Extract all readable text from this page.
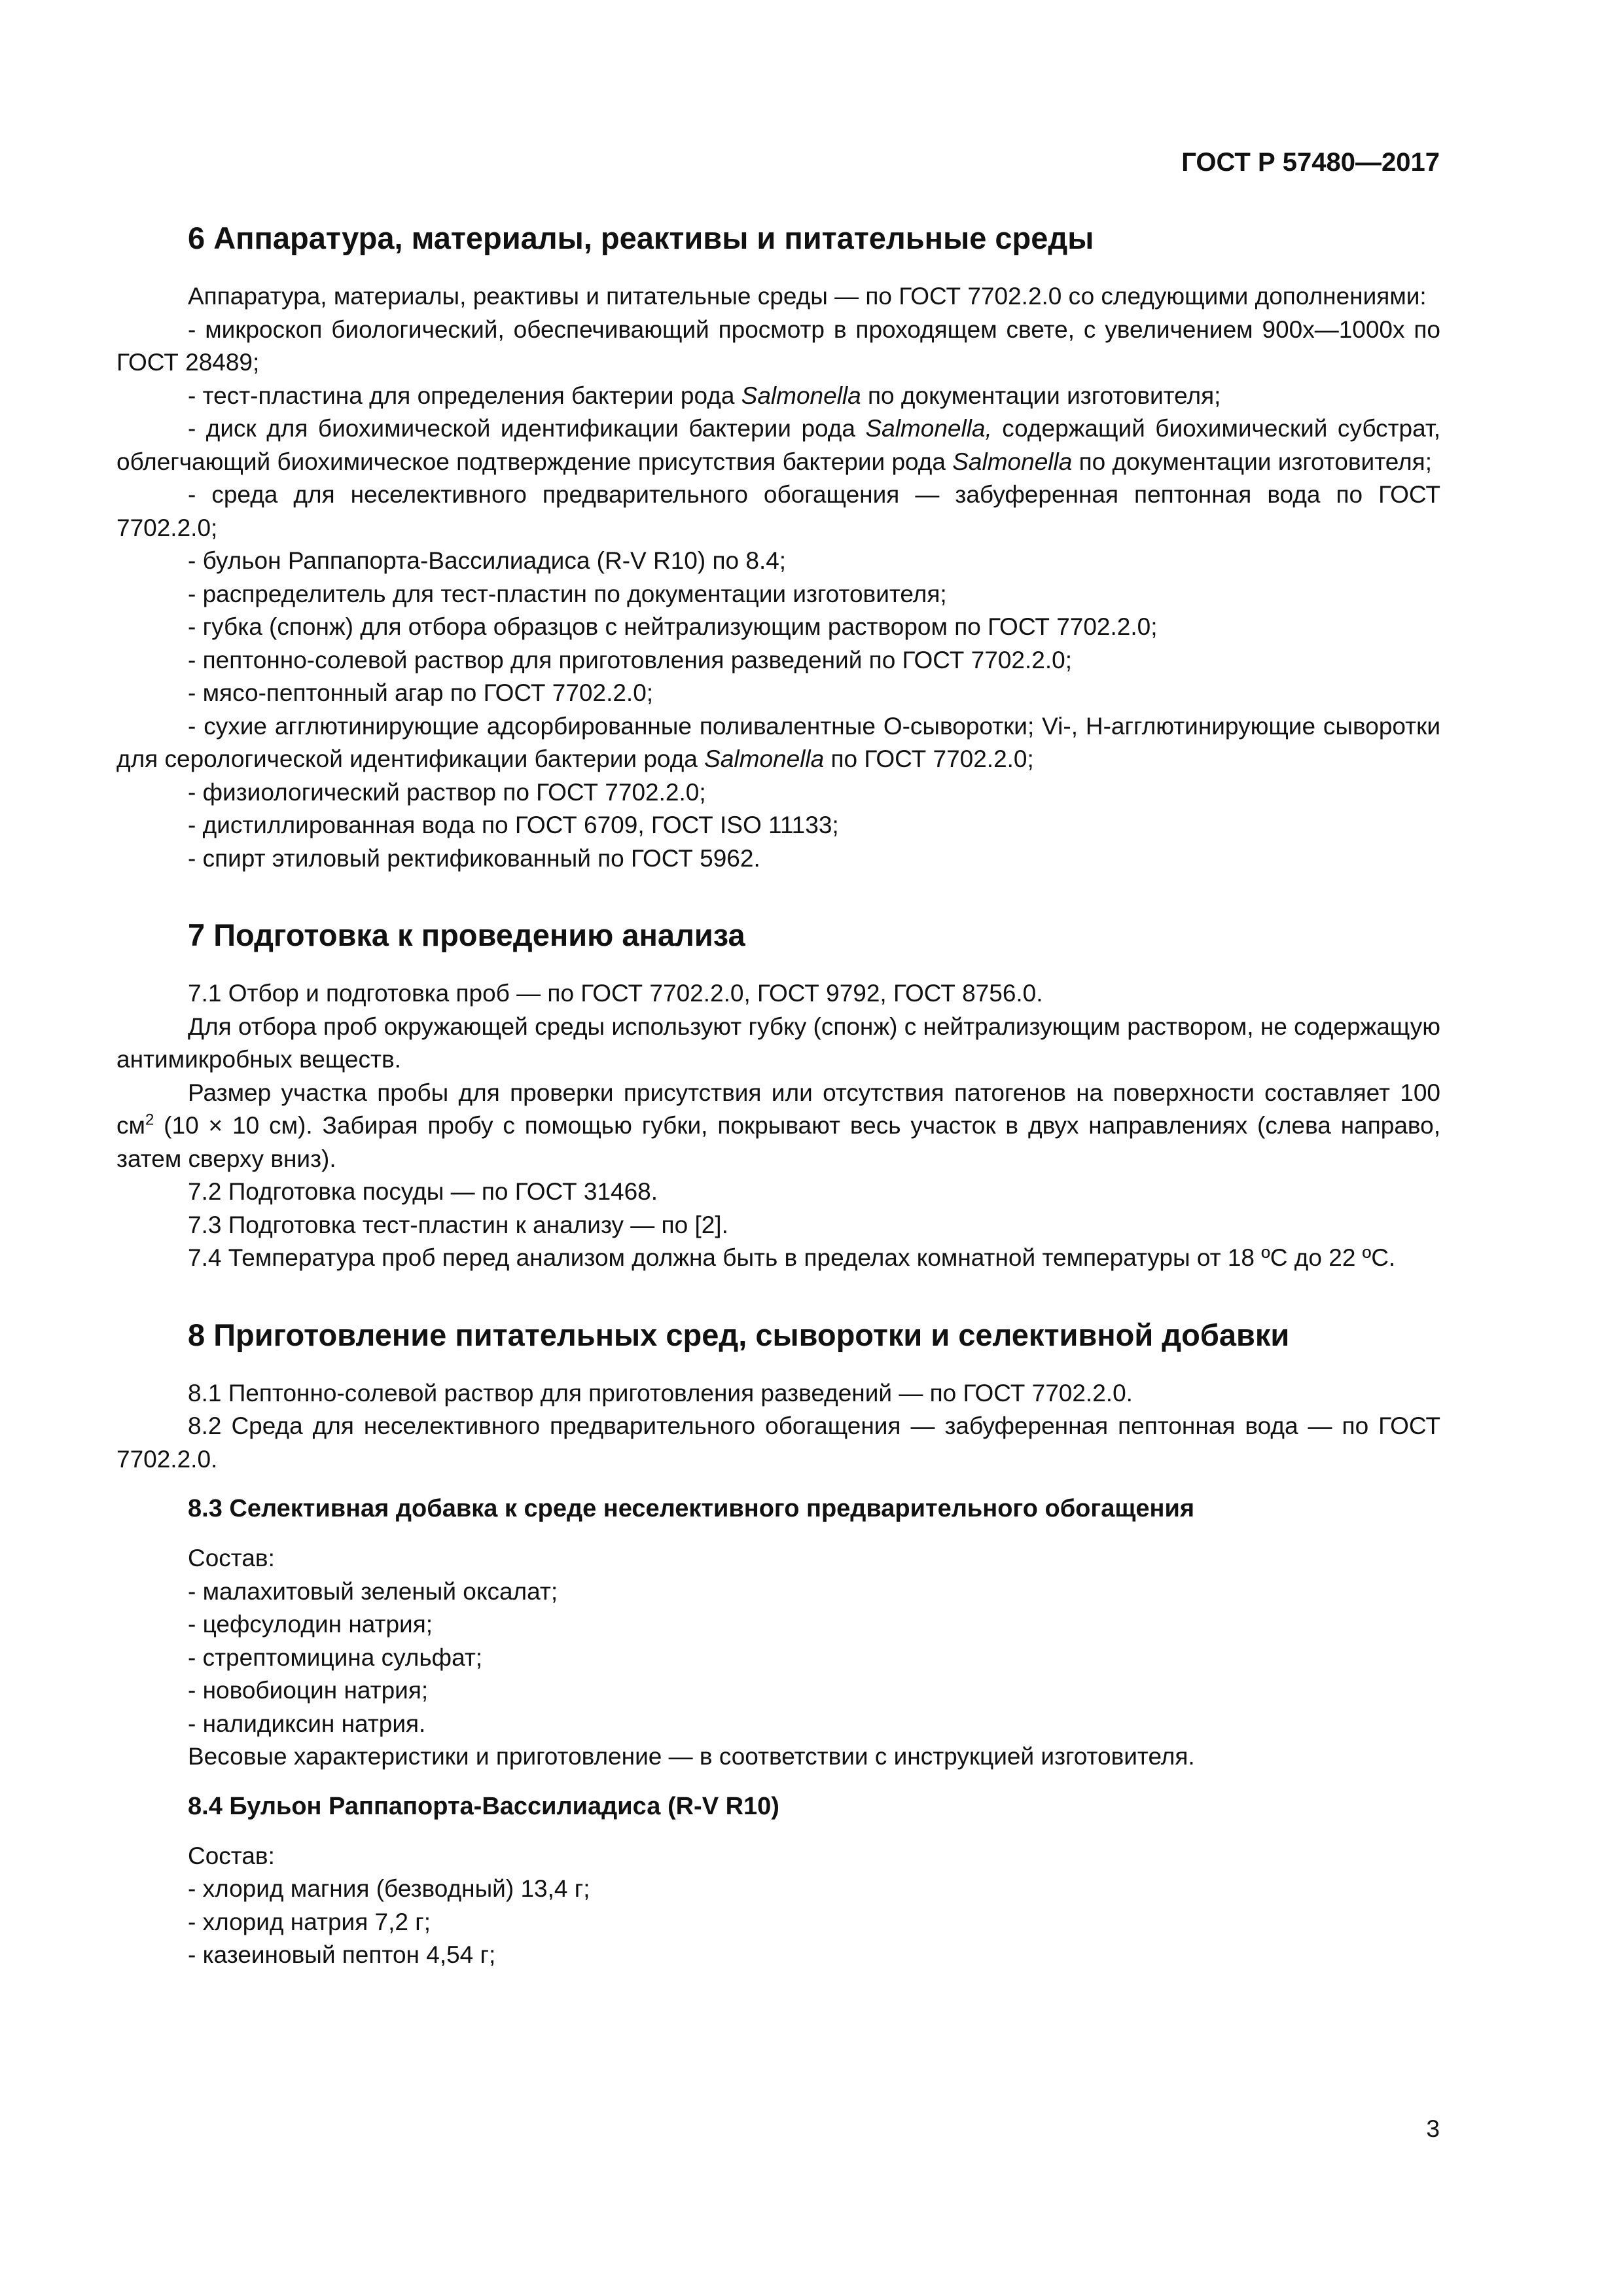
ГОСТ Р 57480—2017
6 Аппаратура, материалы, реактивы и питательные среды

Аппаратура, материалы, реактивы и питательные среды — по ГОСТ 7702.2.0 со следующими дополнениями:

- микроскоп биологический, обеспечивающий просмотр в проходящем свете, с увеличением 900х—1000х по ГОСТ 28489;

- тест-пластина для определения бактерии рода Salmonella по документации изготовителя;

- диск для биохимической идентификации бактерии рода Salmonella, содержащий биохимический субстрат, облегчающий биохимическое подтверждение присутствия бактерии рода Salmonella по документации изготовителя;

- среда для неселективного предварительного обогащения — забуференная пептонная вода по ГОСТ 7702.2.0;

- бульон Раппапорта-Вассилиадиса (R-V R10) по 8.4;

- распределитель для тест-пластин по документации изготовителя;

- губка (спонж) для отбора образцов с нейтрализующим раствором по ГОСТ 7702.2.0;

- пептонно-солевой раствор для приготовления разведений по ГОСТ 7702.2.0;

- мясо-пептонный агар по ГОСТ 7702.2.0;

- сухие агглютинирующие адсорбированные поливалентные О-сыворотки; Vi-, Н-агглютинирующие сыворотки для серологической идентификации бактерии рода Salmonella по ГОСТ 7702.2.0;

- физиологический раствор по ГОСТ 7702.2.0;

- дистиллированная вода по ГОСТ 6709, ГОСТ ISO 11133;

- спирт этиловый ректификованный по ГОСТ 5962.

7 Подготовка к проведению анализа

7.1 Отбор и подготовка проб — по ГОСТ 7702.2.0, ГОСТ 9792, ГОСТ 8756.0.

Для отбора проб окружающей среды используют губку (спонж) с нейтрализующим раствором, не содержащую антимикробных веществ.

Размер участка пробы для проверки присутствия или отсутствия патогенов на поверхности составляет 100 $см^2$ (10 × 10 см). Забирая пробу с помощью губки, покрывают весь участок в двух направлениях (слева направо, затем сверху вниз).

7.2 Подготовка посуды — по ГОСТ 31468.

7.3 Подготовка тест-пластин к анализу — по [2].

7.4 Температура проб перед анализом должна быть в пределах комнатной температуры от 18 ºС до 22 ºС.

8 Приготовление питательных сред, сыворотки и селективной добавки

8.1 Пептонно-солевой раствор для приготовления разведений — по ГОСТ 7702.2.0.

8.2 Среда для неселективного предварительного обогащения — забуференная пептонная вода — по ГОСТ 7702.2.0.

8.3 Селективная добавка к среде неселективного предварительного обогащения

Состав:

- малахитовый зеленый оксалат;

- цефсулодин натрия;

- стрептомицина сульфат;

- новобиоцин натрия;

- налидиксин натрия.

Весовые характеристики и приготовление — в соответствии с инструкцией изготовителя.

8.4 Бульон Раппапорта-Вассилиадиса (R-V R10)

Состав:

- хлорид магния (безводный) 13,4 г;

- хлорид натрия 7,2 г;

- казеиновый пептон 4,54 г;

3
